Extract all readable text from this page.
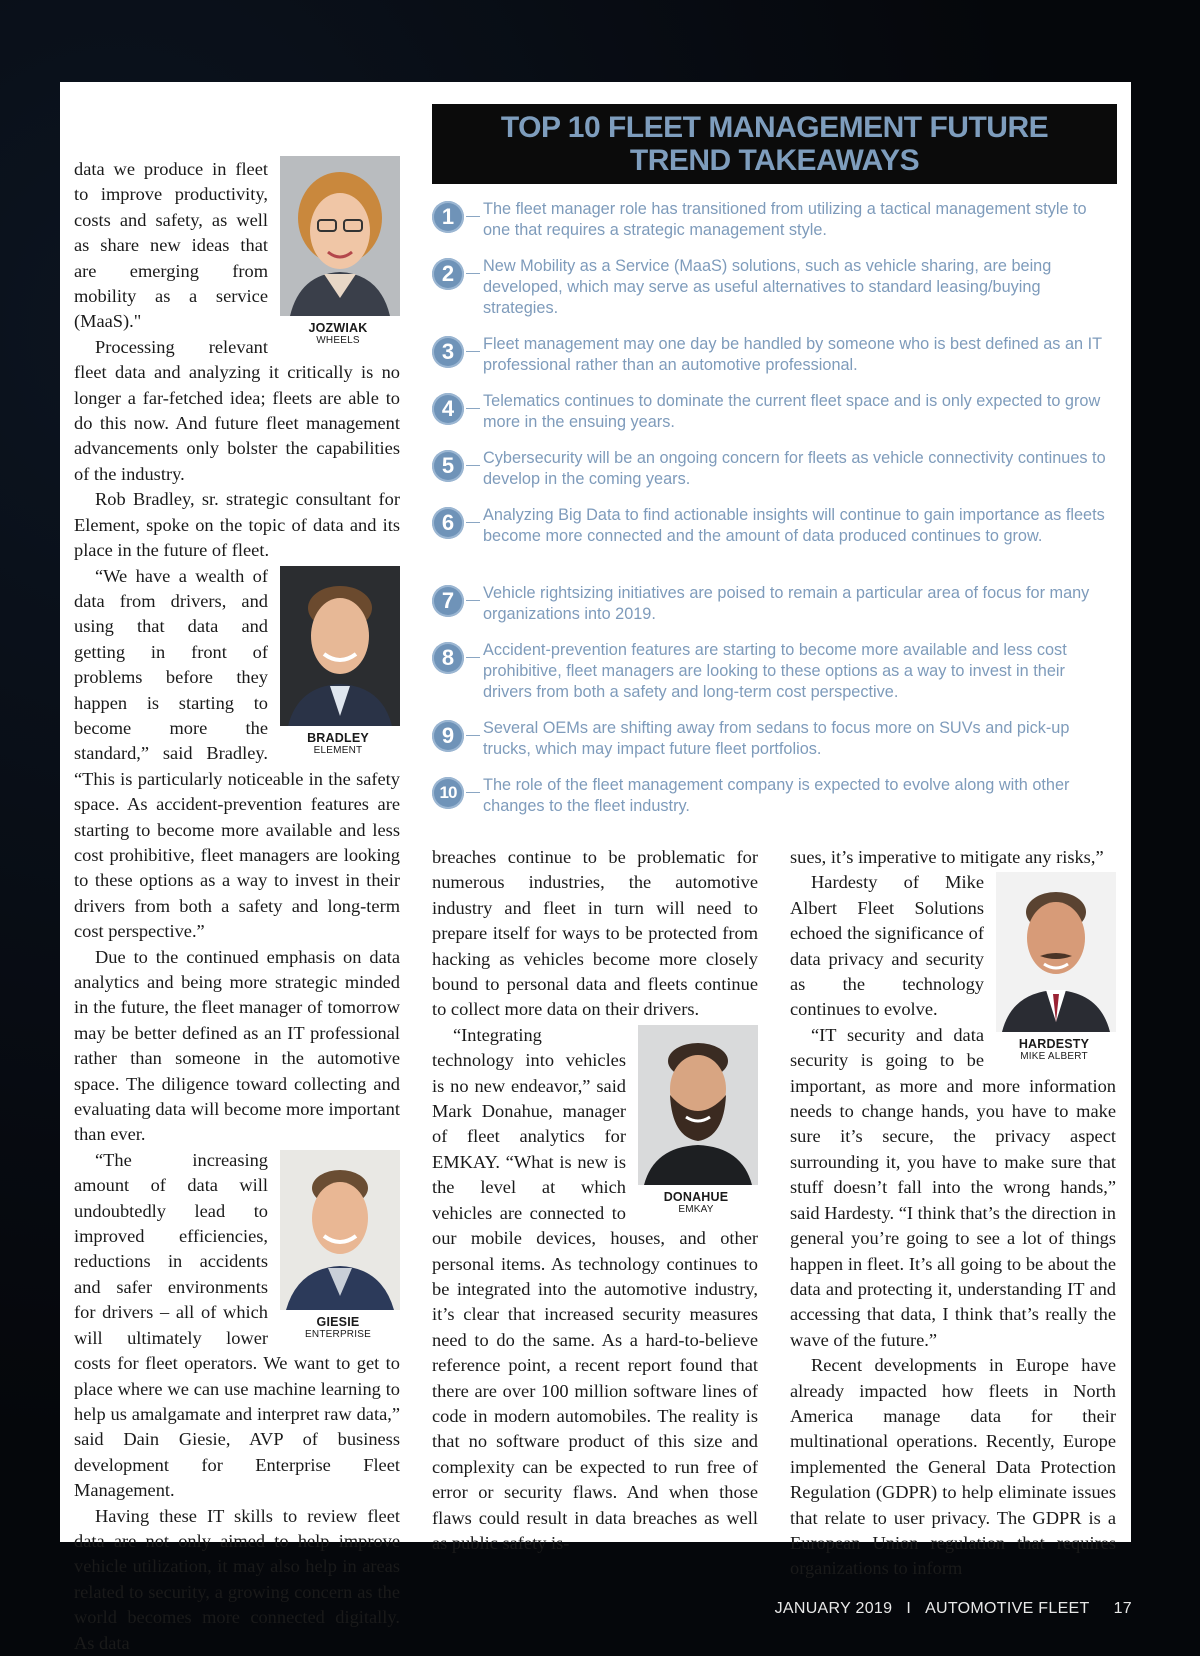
JOZWIAK
WHEELS

data we produce in fleet to improve productivity, costs and safety, as well as share new ideas that are emerging from mobility as a service (MaaS)."

Processing relevant fleet data and analyzing it critically is no longer a far-fetched idea; fleets are able to do this now. And future fleet management advancements only bolster the capabilities of the industry.

Rob Bradley, sr. strategic consultant for Element, spoke on the topic of data and its place in the future of fleet.

BRADLEY
ELEMENT

“We have a wealth of data from drivers, and using that data and getting in front of problems before they happen is starting to become more the standard,” said Bradley. “This is particularly noticeable in the safety space. As accident-prevention features are starting to become more available and less cost prohibitive, fleet managers are looking to these options as a way to invest in their drivers from both a safety and long-term cost perspective.”

Due to the continued emphasis on data analytics and being more strategic minded in the future, the fleet manager of tomorrow may be better defined as an IT professional rather than someone in the automotive space. The diligence toward collecting and evaluating data will become more important than ever.

GIESIE
ENTERPRISE

“The increasing amount of data will undoubtedly lead to improved efficiencies, reductions in accidents and safer environments for drivers – all of which will ultimately lower costs for fleet operators. We want to get to place where we can use machine learning to help us amalgamate and interpret raw data,” said Dain Giesie, AVP of business development for Enterprise Fleet Management.

Having these IT skills to review fleet data are not only aimed to help improve vehicle utilization, it may also help in areas related to security, a growing concern as the world becomes more connected digitally. As data

TOP 10 FLEET MANAGEMENT FUTURE
TREND TAKEAWAYS
1	The fleet manager role has transitioned from utilizing a tactical management style to one that requires a strategic management style.
2	New Mobility as a Service (MaaS) solutions, such as vehicle sharing, are being developed, which may serve as useful alternatives to standard leasing/buying strategies.
3	Fleet management may one day be handled by someone who is best defined as an IT professional rather than an automotive professional.
4	Telematics continues to dominate the current fleet space and is only expected to grow more in the ensuing years.
5	Cybersecurity will be an ongoing concern for fleets as vehicle connectivity continues to develop in the coming years.
6	Analyzing Big Data to find actionable insights will continue to gain importance as fleets become more connected and the amount of data produced continues to grow.
7	Vehicle rightsizing initiatives are poised to remain a particular area of focus for many organizations into 2019.
8	Accident-prevention features are starting to become more available and less cost prohibitive, fleet managers are looking to these options as a way to invest in their drivers from both a safety and long-term cost perspective.
9	Several OEMs are shifting away from sedans to focus more on SUVs and pick-up trucks, which may impact future fleet portfolios.
10	The role of the fleet management company is expected to evolve along with other changes to the fleet industry.

breaches continue to be problematic for numerous industries, the automotive industry and fleet in turn will need to prepare itself for ways to be protected from hacking as vehicles become more closely bound to personal data and fleets continue to collect more data on their drivers.

DONAHUE
EMKAY

“Integrating technology into vehicles is no new endeavor,” said Mark Donahue, manager of fleet analytics for EMKAY. “What is new is the level at which vehicles are connected to our mobile devices, houses, and other personal items. As technology continues to be integrated into the automotive industry, it’s clear that increased security measures need to do the same. As a hard-to-believe reference point, a recent report found that there are over 100 million software lines of code in modern automobiles. The reality is that no software product of this size and complexity can be expected to run free of error or security flaws. And when those flaws could result in data breaches as well as public safety is-

sues, it’s imperative to mitigate any risks,”

HARDESTY
MIKE ALBERT

Hardesty of Mike Albert Fleet Solutions echoed the significance of data privacy and security as the technology continues to evolve.

“IT security and data security is going to be important, as more and more information needs to change hands, you have to make sure it’s secure, the privacy aspect surrounding it, you have to make sure that stuff doesn’t fall into the wrong hands,” said Hardesty. “I think that’s the direction in general you’re going to see a lot of things happen in fleet. It’s all going to be about the data and protecting it, understanding IT and accessing that data, I think that’s really the wave of the future.”

Recent developments in Europe have already impacted how fleets in North America manage data for their multinational operations. Recently, Europe implemented the General Data Protection Regulation (GDPR) to help eliminate issues that relate to user privacy. The GDPR is a European Union regulation that requires organizations to inform

JANUARY 2019 I AUTOMOTIVE FLEET 17
